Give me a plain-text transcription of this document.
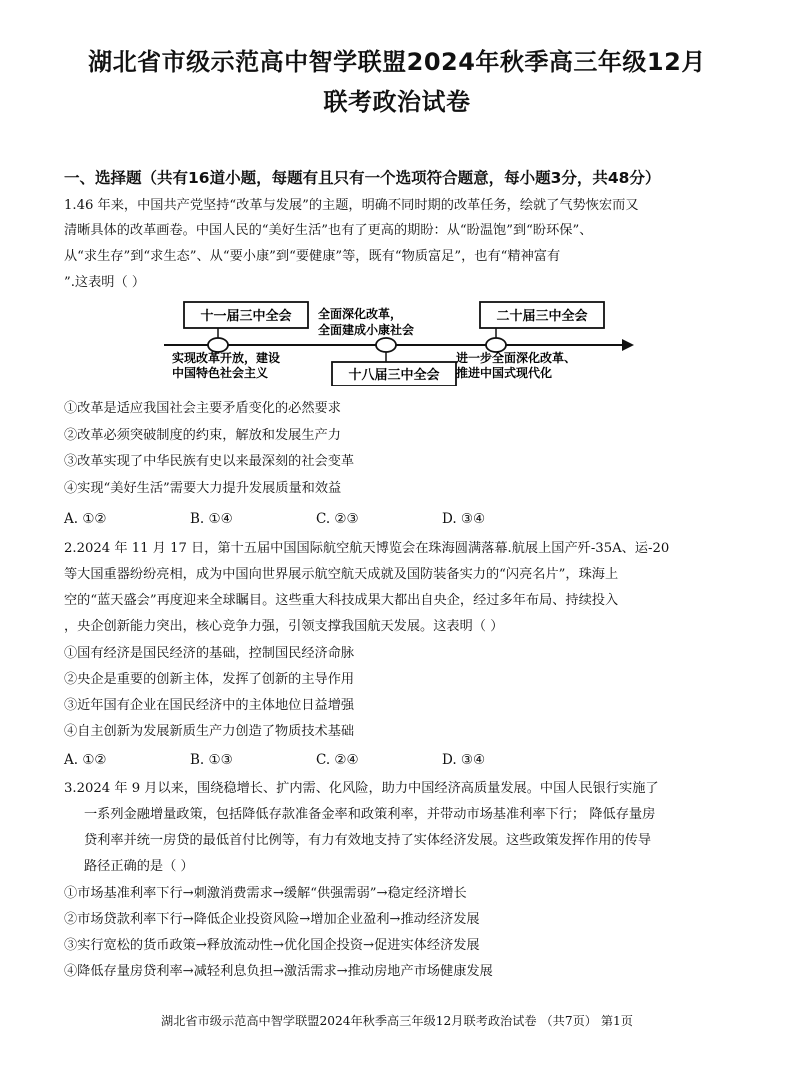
湖北省市级示范高中智学联盟2024年秋季高三年级12月
联考政治试卷
一、选择题（共有16道小题，每题有且只有一个选项符合题意，每小题3分，共48分）
1.46 年来，中国共产党坚持“改革与发展”的主题，明确不同时期的改革任务，绘就了气势恢宏而又
清晰具体的改革画卷。中国人民的“美好生活”也有了更高的期盼：从“盼温饱”到“盼环保”、
从“求生存”到“求生态”、从“要小康”到“要健康”等，既有“物质富足”，也有“精神富有
”.这表明（ ）
十一届三中全会
十八届三中全会
全面深化改革，
全面建成小康社会
二十届三中全会
实现改革开放，建设
中国特色社会主义
进一步全面深化改革、
推进中国式现代化
①改革是适应我国社会主要矛盾变化的必然要求
②改革必须突破制度的约束，解放和发展生产力
③改革实现了中华民族有史以来最深刻的社会变革
④实现“美好生活”需要大力提升发展质量和效益
A. ①②	B. ①④	C. ②③	D. ③④
2.2024 年 11 月 17 日，第十五届中国国际航空航天博览会在珠海圆满落幕.航展上国产歼-35A、运-20
等大国重器纷纷亮相，成为中国向世界展示航空航天成就及国防装备实力的“闪亮名片”，珠海上
空的“蓝天盛会”再度迎来全球瞩目。这些重大科技成果大都出自央企，经过多年布局、持续投入
，央企创新能力突出，核心竞争力强，引领支撑我国航天发展。这表明（ ）
①国有经济是国民经济的基础，控制国民经济命脉
②央企是重要的创新主体，发挥了创新的主导作用
③近年国有企业在国民经济中的主体地位日益增强
④自主创新为发展新质生产力创造了物质技术基础
A. ①②	B. ①③	C. ②④	D. ③④
3.2024 年 9 月以来，围绕稳增长、扩内需、化风险，助力中国经济高质量发展。中国人民银行实施了
一系列金融增量政策，包括降低存款准备金率和政策利率，并带动市场基准利率下行； 降低存量房
贷利率并统一房贷的最低首付比例等，有力有效地支持了实体经济发展。这些政策发挥作用的传导
路径正确的是（ ）
①市场基准利率下行→刺激消费需求→缓解“供强需弱”→稳定经济增长
②市场贷款利率下行→降低企业投资风险→增加企业盈利→推动经济发展
③实行宽松的货币政策→释放流动性→优化国企投资→促进实体经济发展
④降低存量房贷利率→减轻利息负担→激活需求→推动房地产市场健康发展
湖北省市级示范高中智学联盟2024年秋季高三年级12月联考政治试卷 （共7页） 第1页
